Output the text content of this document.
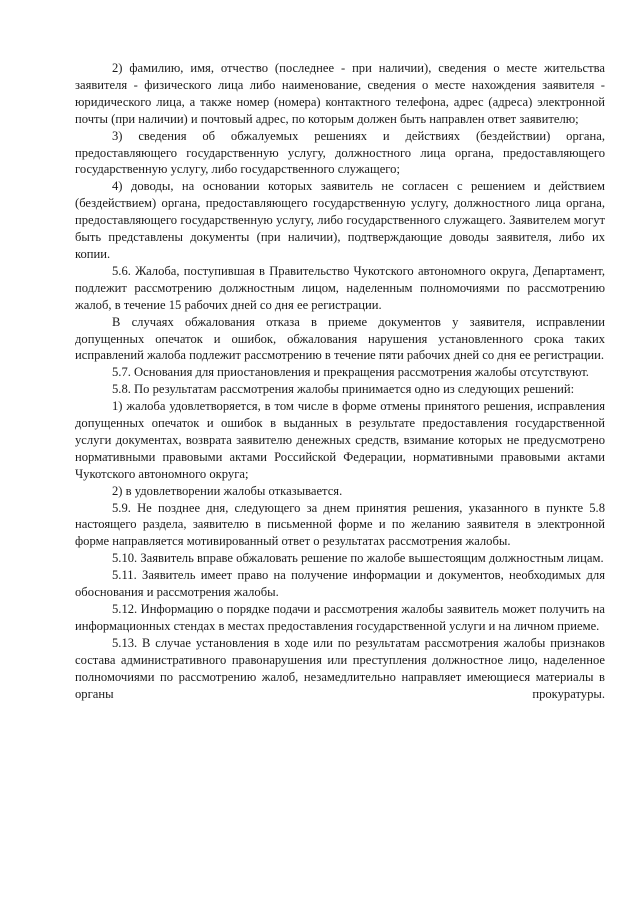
2) фамилию, имя, отчество (последнее - при наличии), сведения о месте жительства заявителя - физического лица либо наименование, сведения о месте нахождения заявителя - юридического лица, а также номер (номера) контактного телефона, адрес (адреса) электронной почты (при наличии) и почтовый адрес, по которым должен быть направлен ответ заявителю;

3) сведения об обжалуемых решениях и действиях (бездействии) органа, предоставляющего государственную услугу, должностного лица органа, предоставляющего государственную услугу, либо государственного служащего;

4) доводы, на основании которых заявитель не согласен с решением и действием (бездействием) органа, предоставляющего государственную услугу, должностного лица органа, предоставляющего государственную услугу, либо государственного служащего. Заявителем могут быть представлены документы (при наличии), подтверждающие доводы заявителя, либо их копии.

5.6. Жалоба, поступившая в Правительство Чукотского автономного округа, Департамент, подлежит рассмотрению должностным лицом, наделенным полномочиями по рассмотрению жалоб, в течение 15 рабочих дней со дня ее регистрации.

В случаях обжалования отказа в приеме документов у заявителя, исправлении допущенных опечаток и ошибок, обжалования нарушения установленного срока таких исправлений жалоба подлежит рассмотрению в течение пяти рабочих дней со дня ее регистрации.

5.7. Основания для приостановления и прекращения рассмотрения жалобы отсутствуют.

5.8. По результатам рассмотрения жалобы принимается одно из следующих решений:

1) жалоба удовлетворяется, в том числе в форме отмены принятого решения, исправления допущенных опечаток и ошибок в выданных в результате предоставления государственной услуги документах, возврата заявителю денежных средств, взимание которых не предусмотрено нормативными правовыми актами Российской Федерации, нормативными правовыми актами Чукотского автономного округа;

2) в удовлетворении жалобы отказывается.

5.9. Не позднее дня, следующего за днем принятия решения, указанного в пункте 5.8 настоящего раздела, заявителю в письменной форме и по желанию заявителя в электронной форме направляется мотивированный ответ о результатах рассмотрения жалобы.

5.10. Заявитель вправе обжаловать решение по жалобе вышестоящим должностным лицам.

5.11. Заявитель имеет право на получение информации и документов, необходимых для обоснования и рассмотрения жалобы.

5.12. Информацию о порядке подачи и рассмотрения жалобы заявитель может получить на информационных стендах в местах предоставления государственной услуги и на личном приеме.

5.13. В случае установления в ходе или по результатам рассмотрения жалобы признаков состава административного правонарушения или преступления должностное лицо, наделенное полномочиями по рассмотрению жалоб, незамедлительно направляет имеющиеся материалы в органы прокуратуры.
